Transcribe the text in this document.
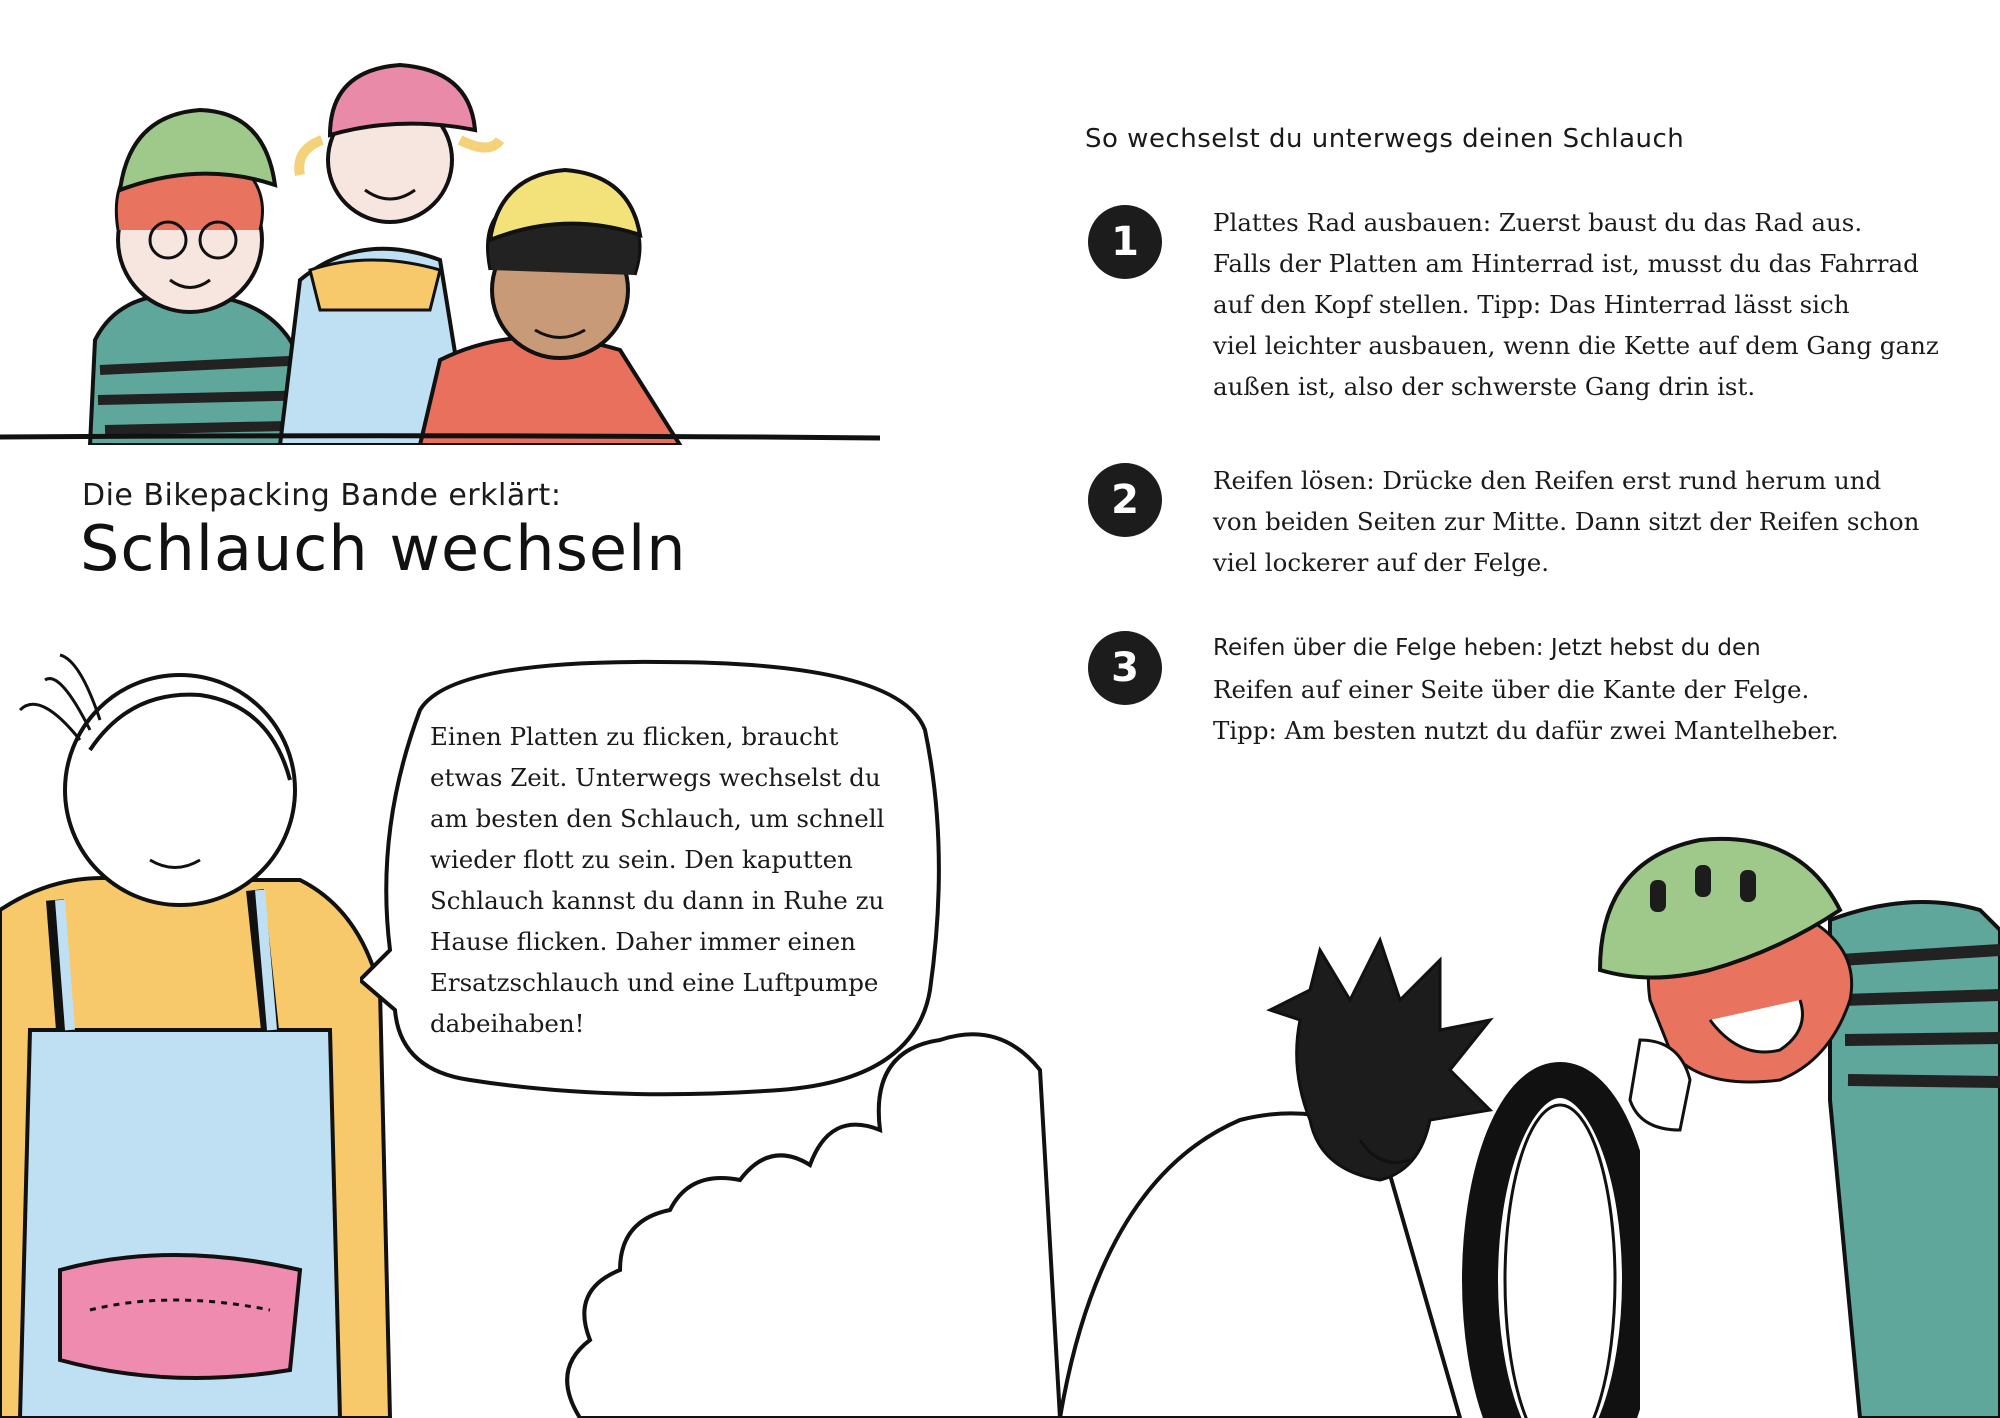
Die Bikepacking Bande erklärt:
Schlauch wechseln
Einen Platten zu flicken, braucht
etwas Zeit. Unterwegs wechselst du
am besten den Schlauch, um schnell
wieder flott zu sein. Den kaputten
Schlauch kannst du dann in Ruhe zu
Hause flicken. Daher immer einen
Ersatzschlauch und eine Luftpumpe
dabeihaben!
So wechselst du unterwegs deinen Schlauch
1	Plattes Rad ausbauen: Zuerst baust du das Rad aus.
Falls der Platten am Hinterrad ist, musst du das Fahrrad
auf den Kopf stellen. Tipp: Das Hinterrad lässt sich
viel leichter ausbauen, wenn die Kette auf dem Gang ganz
außen ist, also der schwerste Gang drin ist.
2	Reifen lösen: Drücke den Reifen erst rund herum und
von beiden Seiten zur Mitte. Dann sitzt der Reifen schon
viel lockerer auf der Felge.
3	Reifen über die Felge heben: Jetzt hebst du den
Reifen auf einer Seite über die Kante der Felge.
Tipp: Am besten nutzt du dafür zwei Mantelheber.
